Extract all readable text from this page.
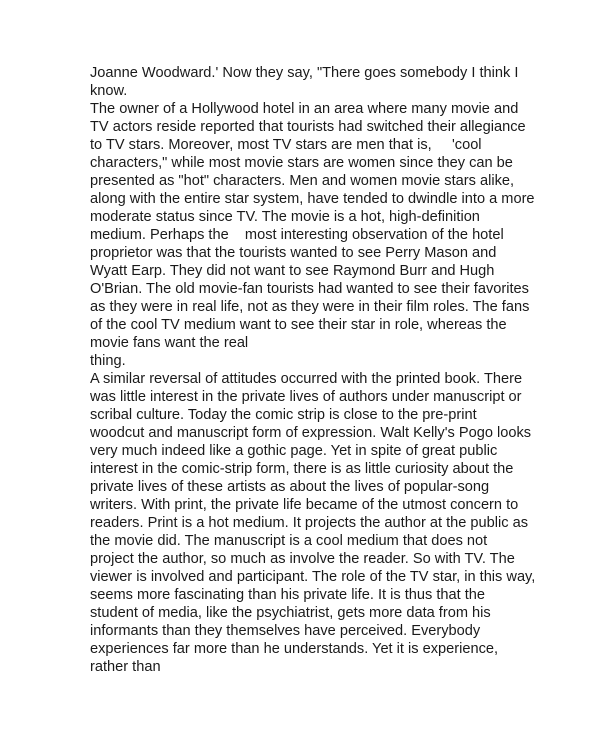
Joanne Woodward.' Now they say, "There goes somebody I think I
know.
The owner of a Hollywood hotel in an area where many movie and
TV actors reside reported that tourists had switched their allegiance
to TV stars. Moreover, most TV stars are men that is,     'cool
characters," while most movie stars are women since they can be
presented as "hot" characters. Men and women movie stars alike,
along with the entire star system, have tended to dwindle into a more
moderate status since TV. The movie is a hot, high-definition
medium. Perhaps the    most interesting observation of the hotel
proprietor was that the tourists wanted to see Perry Mason and
Wyatt Earp. They did not want to see Raymond Burr and Hugh
O'Brian. The old movie-fan tourists had wanted to see their favorites
as they were in real life, not as they were in their film roles. The fans
of the cool TV medium want to see their star in role, whereas the
movie fans want the real
thing.
A similar reversal of attitudes occurred with the printed book. There
was little interest in the private lives of authors under manuscript or
scribal culture. Today the comic strip is close to the pre-print
woodcut and manuscript form of expression. Walt Kelly's Pogo looks
very much indeed like a gothic page. Yet in spite of great public
interest in the comic-strip form, there is as little curiosity about the
private lives of these artists as about the lives of popular-song
writers. With print, the private life became of the utmost concern to
readers. Print is a hot medium. It projects the author at the public as
the movie did. The manuscript is a cool medium that does not
project the author, so much as involve the reader. So with TV. The
viewer is involved and participant. The role of the TV star, in this way,
seems more fascinating than his private life. It is thus that the
student of media, like the psychiatrist, gets more data from his
informants than they themselves have perceived. Everybody
experiences far more than he understands. Yet it is experience,
rather than
